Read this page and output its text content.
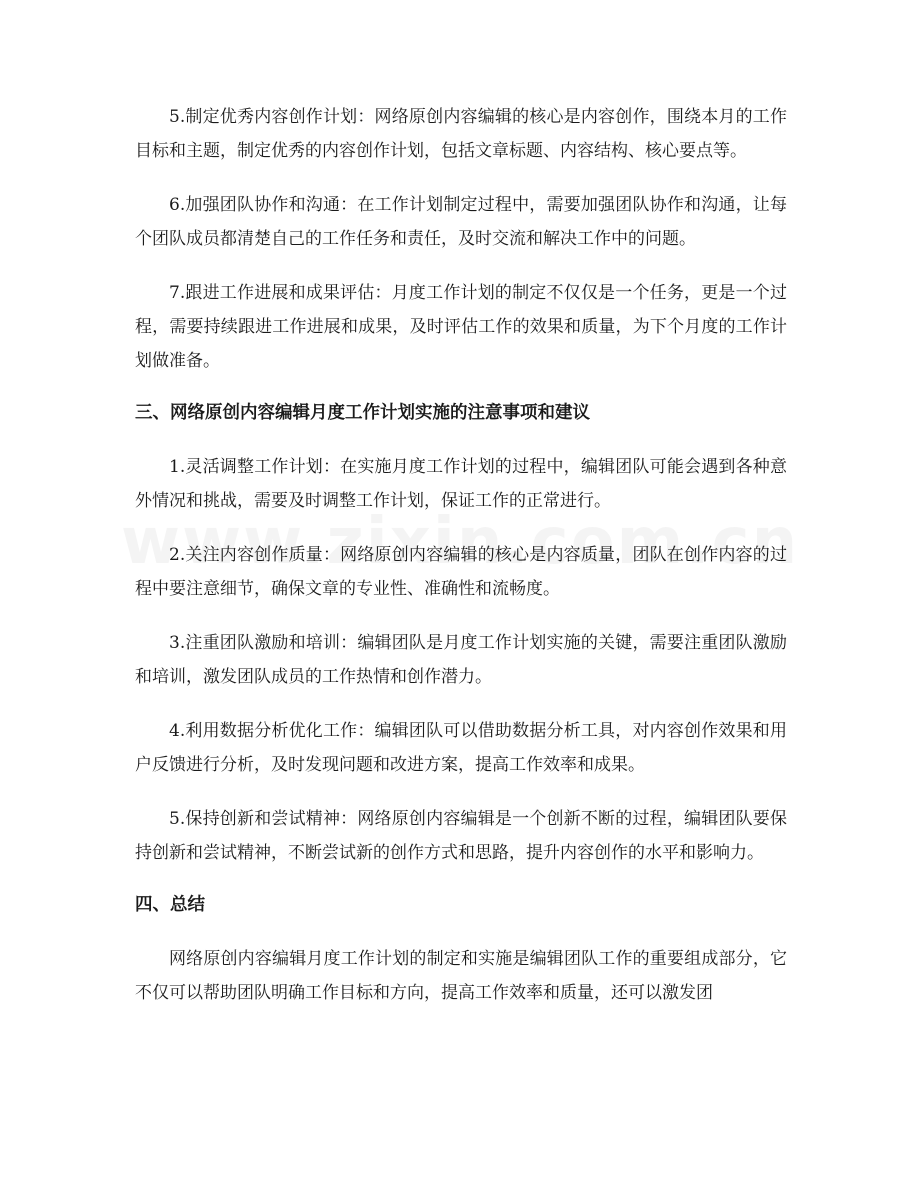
5.制定优秀内容创作计划：网络原创内容编辑的核心是内容创作，围绕本月的工作目标和主题，制定优秀的内容创作计划，包括文章标题、内容结构、核心要点等。

6.加强团队协作和沟通：在工作计划制定过程中，需要加强团队协作和沟通，让每个团队成员都清楚自己的工作任务和责任，及时交流和解决工作中的问题。

7.跟进工作进展和成果评估：月度工作计划的制定不仅仅是一个任务，更是一个过程，需要持续跟进工作进展和成果，及时评估工作的效果和质量，为下个月度的工作计划做准备。

三、网络原创内容编辑月度工作计划实施的注意事项和建议

1.灵活调整工作计划：在实施月度工作计划的过程中，编辑团队可能会遇到各种意外情况和挑战，需要及时调整工作计划，保证工作的正常进行。

2.关注内容创作质量：网络原创内容编辑的核心是内容质量，团队在创作内容的过程中要注意细节，确保文章的专业性、准确性和流畅度。

3.注重团队激励和培训：编辑团队是月度工作计划实施的关键，需要注重团队激励和培训，激发团队成员的工作热情和创作潜力。

4.利用数据分析优化工作：编辑团队可以借助数据分析工具，对内容创作效果和用户反馈进行分析，及时发现问题和改进方案，提高工作效率和成果。

5.保持创新和尝试精神：网络原创内容编辑是一个创新不断的过程，编辑团队要保持创新和尝试精神，不断尝试新的创作方式和思路，提升内容创作的水平和影响力。

四、总结

网络原创内容编辑月度工作计划的制定和实施是编辑团队工作的重要组成部分，它不仅可以帮助团队明确工作目标和方向，提高工作效率和质量，还可以激发团
